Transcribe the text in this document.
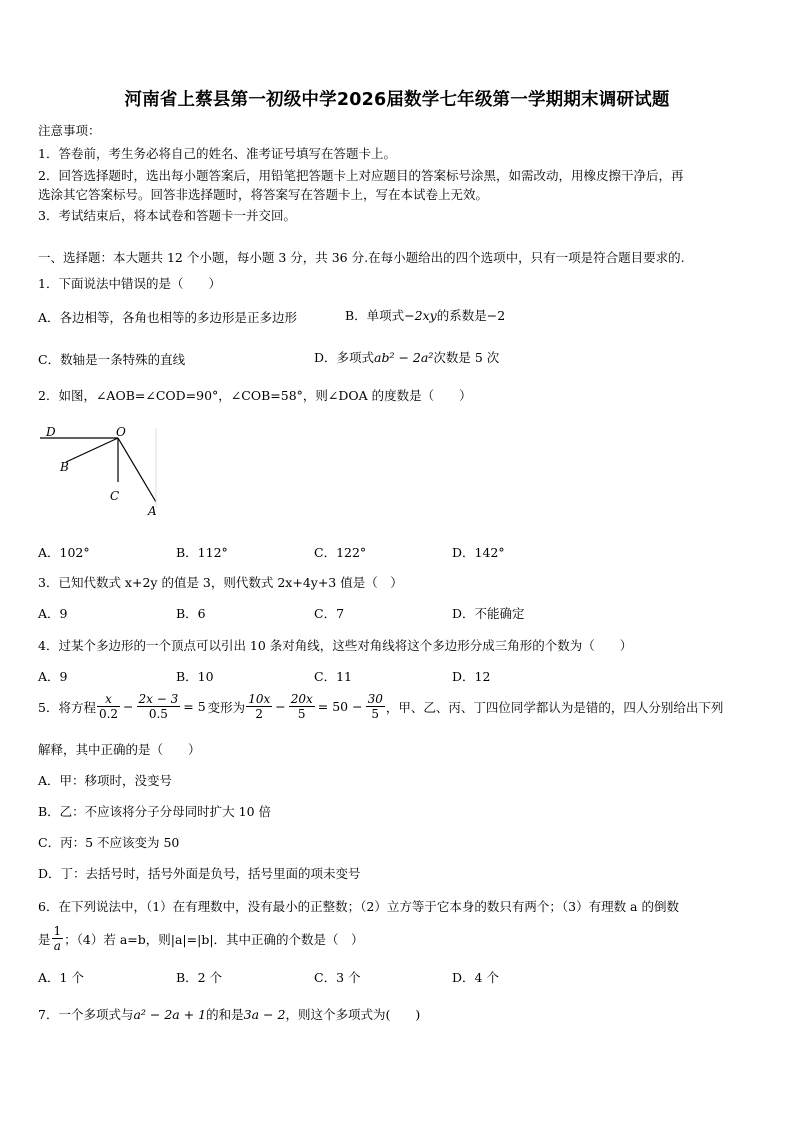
河南省上蔡县第一初级中学2026届数学七年级第一学期期末调研试题
注意事项：
1．答卷前，考生务必将自己的姓名、准考证号填写在答题卡上。
2．回答选择题时，选出每小题答案后，用铅笔把答题卡上对应题目的答案标号涂黑，如需改动，用橡皮擦干净后，再
选涂其它答案标号。回答非选择题时，将答案写在答题卡上，写在本试卷上无效。
3．考试结束后，将本试卷和答题卡一并交回。
一、选择题：本大题共 12 个小题，每小题 3 分，共 36 分.在每小题给出的四个选项中，只有一项是符合题目要求的.
1．下面说法中错误的是（　　）
A．各边相等，各角也相等的多边形是正多边形	B．单项式−2xy的系数是−2
C．数轴是一条特殊的直线	D．多项式ab² − 2a²次数是 5 次
2．如图，∠AOB=∠COD=90°，∠COB=58°，则∠DOA 的度数是（　　）
D	O
B
C
A
A．102°	B．112°	C．122°	D．142°
3．已知代数式 x+2y 的值是 3，则代数式 2x+4y+3 值是（　）
A．9	B．6	C．7	D．不能确定
4．过某个多边形的一个顶点可以引出 10 条对角线，这些对角线将这个多边形分成三角形的个数为（　　）
A．9	B．10	C．11	D．12
5．将方程 $\frac{x}{0.2} - \frac{2x - 3}{0.5} = 5$ 变形为 $\frac{10x}{2} - \frac{20x}{5} = 50 - \frac{30}{5}$ ，甲、乙、丙、丁四位同学都认为是错的，四人分别给出下列
解释，其中正确的是（　　）
A．甲：移项时，没变号
B．乙：不应该将分子分母同时扩大 10 倍
C．丙：5 不应该变为 50
D．丁：去括号时，括号外面是负号，括号里面的项未变号
6．在下列说法中，（1）在有理数中，没有最小的正整数；（2）立方等于它本身的数只有两个；（3）有理数 a 的倒数
是 $\frac{1}{a}$ ；（4）若 a=b，则|a|=|b|．其中正确的个数是（　）
A．1 个	B．2 个	C．3 个	D．4 个
7．一个多项式与a² − 2a + 1的和是3a − 2，则这个多项式为(　　)
